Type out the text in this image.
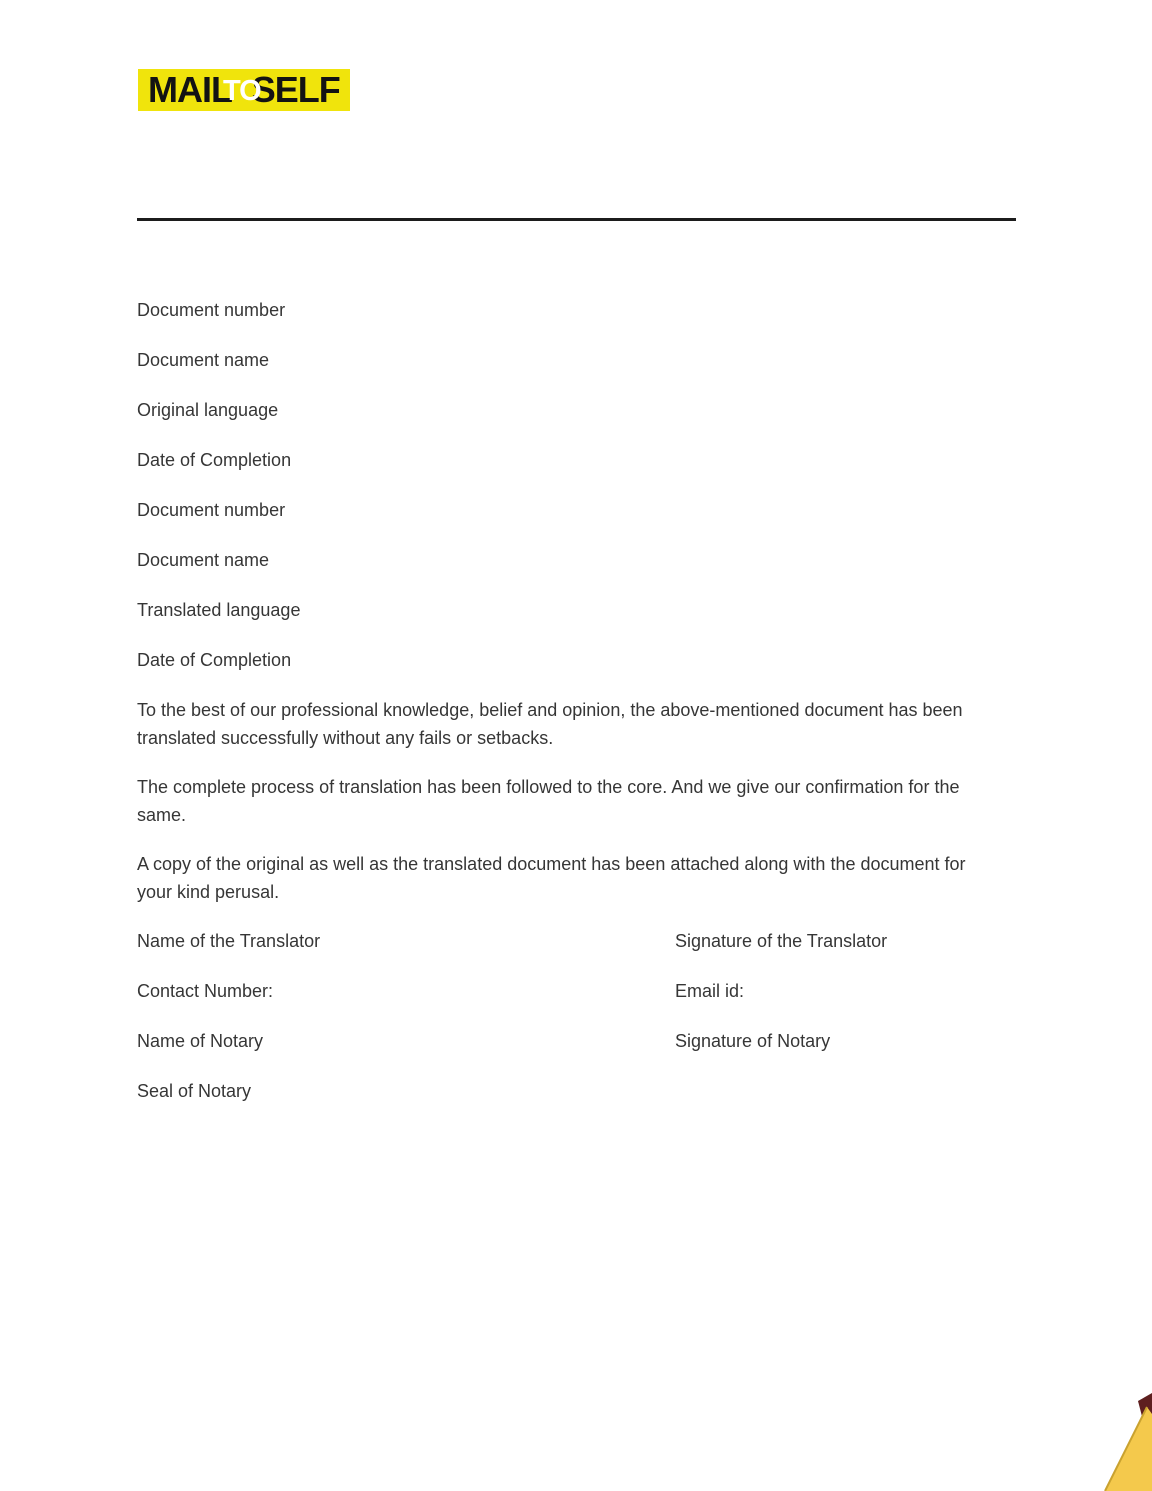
MAIL
TO
SELF
Document number
Document name
Original language
Date of Completion
Document number
Document name
Translated language
Date of Completion

To the best of our professional knowledge, belief and opinion, the above-mentioned document has been translated successfully without any fails or setbacks.

The complete process of translation has been followed to the core. And we give our confirmation for the same.

A copy of the original as well as the translated document has been attached along with the document for your kind perusal.

Name of the Translator	Signature of the Translator
Contact Number:	Email id:
Name of Notary	Signature of Notary
Seal of Notary
